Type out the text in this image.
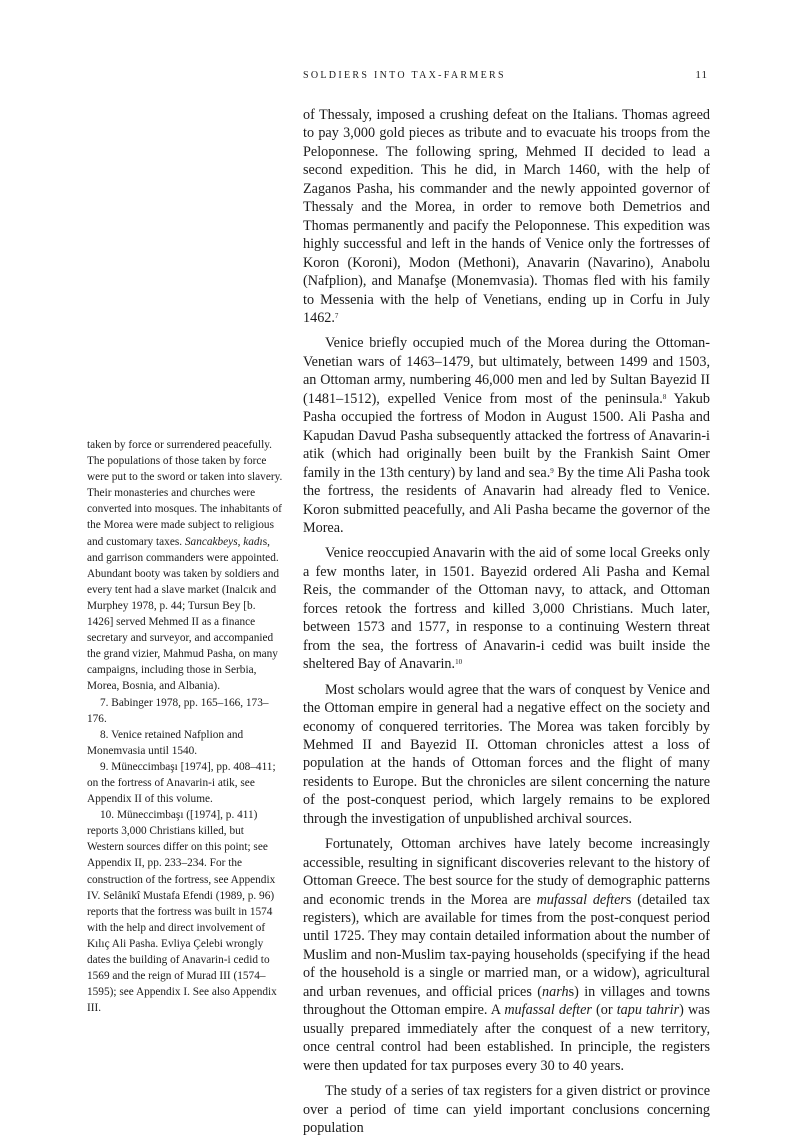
SOLDIERS INTO TAX-FARMERS	11

of Thessaly, imposed a crushing defeat on the Italians. Thomas agreed to pay 3,000 gold pieces as tribute and to evacuate his troops from the Peloponnese. The following spring, Mehmed II decided to lead a second expedition. This he did, in March 1460, with the help of Zaganos Pasha, his commander and the newly appointed governor of Thessaly and the Morea, in order to remove both Demetrios and Thomas permanently and pacify the Peloponnese. This expedition was highly successful and left in the hands of Venice only the fortresses of Koron (Koroni), Modon (Methoni), Anavarin (Navarino), Anabolu (Nafplion), and Manafşe (Monemvasia). Thomas fled with his family to Messenia with the help of Venetians, ending up in Corfu in July 1462.$^7$

Venice briefly occupied much of the Morea during the Ottoman-Venetian wars of 1463–1479, but ultimately, between 1499 and 1503, an Ottoman army, numbering 46,000 men and led by Sultan Bayezid II (1481–1512), expelled Venice from most of the peninsula.$^8$ Yakub Pasha occupied the fortress of Modon in August 1500. Ali Pasha and Kapudan Davud Pasha subsequently attacked the fortress of Anavarin-i atik (which had originally been built by the Frankish Saint Omer family in the 13th century) by land and sea.$^9$ By the time Ali Pasha took the fortress, the residents of Anavarin had already fled to Venice. Koron submitted peacefully, and Ali Pasha became the governor of the Morea.

Venice reoccupied Anavarin with the aid of some local Greeks only a few months later, in 1501. Bayezid ordered Ali Pasha and Kemal Reis, the commander of the Ottoman navy, to attack, and Ottoman forces retook the fortress and killed 3,000 Christians. Much later, between 1573 and 1577, in response to a continuing Western threat from the sea, the fortress of Anavarin-i cedid was built inside the sheltered Bay of Anavarin.$^{10}$

Most scholars would agree that the wars of conquest by Venice and the Ottoman empire in general had a negative effect on the society and economy of conquered territories. The Morea was taken forcibly by Mehmed II and Bayezid II. Ottoman chronicles attest a loss of population at the hands of Ottoman forces and the flight of many residents to Europe. But the chronicles are silent concerning the nature of the post-conquest period, which largely remains to be explored through the investigation of unpublished archival sources.

Fortunately, Ottoman archives have lately become increasingly accessible, resulting in significant discoveries relevant to the history of Ottoman Greece. The best source for the study of demographic patterns and economic trends in the Morea are mufassal defters (detailed tax registers), which are available for times from the post-conquest period until 1725. They may contain detailed information about the number of Muslim and non-Muslim tax-paying households (specifying if the head of the household is a single or married man, or a widow), agricultural and urban revenues, and official prices (narhs) in villages and towns throughout the Ottoman empire. A mufassal defter (or tapu tahrir) was usually prepared immediately after the conquest of a new territory, once central control had been established. In principle, the registers were then updated for tax purposes every 30 to 40 years.

The study of a series of tax registers for a given district or province over a period of time can yield important conclusions concerning population

taken by force or surrendered peacefully. The populations of those taken by force were put to the sword or taken into slavery. Their monasteries and churches were converted into mosques. The inhabitants of the Morea were made subject to religious and customary taxes. Sancakbeys, kadıs, and garrison commanders were appointed. Abundant booty was taken by soldiers and every tent had a slave market (Inalcık and Murphey 1978, p. 44; Tursun Bey [b. 1426] served Mehmed II as a finance secretary and surveyor, and accompanied the grand vizier, Mahmud Pasha, on many campaigns, including those in Serbia, Morea, Bosnia, and Albania).

7. Babinger 1978, pp. 165–166, 173–176.

8. Venice retained Nafplion and Monemvasia until 1540.

9. Müneccimbaşı [1974], pp. 408–411; on the fortress of Anavarin-i atik, see Appendix II of this volume.

10. Müneccimbaşı ([1974], p. 411) reports 3,000 Christians killed, but Western sources differ on this point; see Appendix II, pp. 233–234. For the construction of the fortress, see Appendix IV. Selânikî Mustafa Efendi (1989, p. 96) reports that the fortress was built in 1574 with the help and direct involvement of Kılıç Ali Pasha. Evliya Çelebi wrongly dates the building of Anavarin-i cedid to 1569 and the reign of Murad III (1574–1595); see Appendix I. See also Appendix III.
